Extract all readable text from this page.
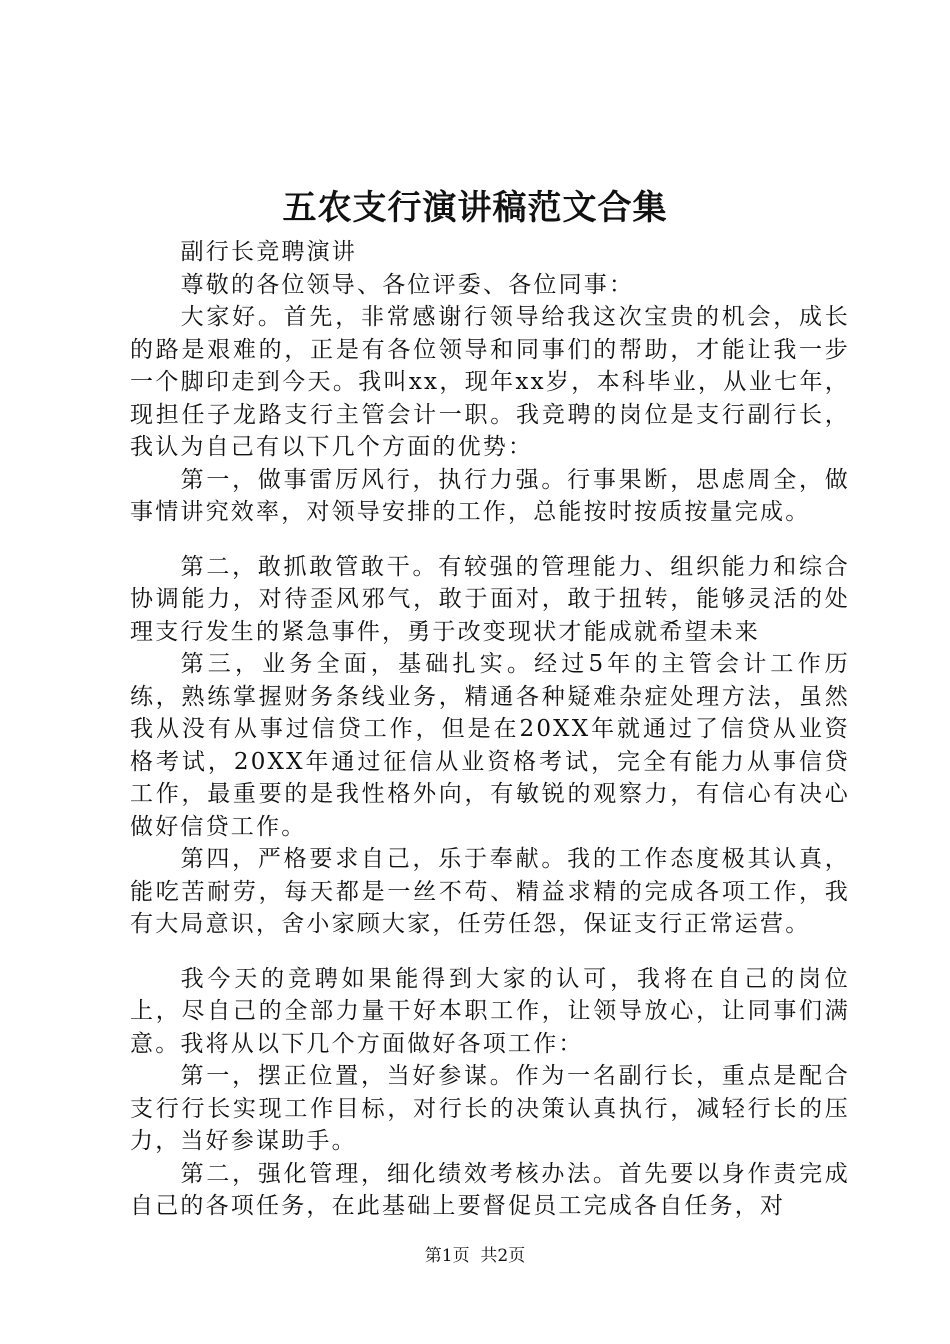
五农支行演讲稿范文合集

副行长竞聘演讲

尊敬的各位领导、各位评委、各位同事：

大家好。首先，非常感谢行领导给我这次宝贵的机会，成长的路是艰难的，正是有各位领导和同事们的帮助，才能让我一步一个脚印走到今天。我叫xx，现年xx岁，本科毕业，从业七年，现担任子龙路支行主管会计一职。我竞聘的岗位是支行副行长，我认为自己有以下几个方面的优势：

第一，做事雷厉风行，执行力强。行事果断，思虑周全，做事情讲究效率，对领导安排的工作，总能按时按质按量完成。

第二，敢抓敢管敢干。有较强的管理能力、组织能力和综合协调能力，对待歪风邪气，敢于面对，敢于扭转，能够灵活的处理支行发生的紧急事件，勇于改变现状才能成就希望未来

第三，业务全面，基础扎实。经过5年的主管会计工作历练，熟练掌握财务条线业务，精通各种疑难杂症处理方法，虽然我从没有从事过信贷工作，但是在20XX年就通过了信贷从业资格考试，20XX年通过征信从业资格考试，完全有能力从事信贷工作，最重要的是我性格外向，有敏锐的观察力，有信心有决心做好信贷工作。

第四，严格要求自己，乐于奉献。我的工作态度极其认真，能吃苦耐劳，每天都是一丝不苟、精益求精的完成各项工作，我有大局意识，舍小家顾大家，任劳任怨，保证支行正常运营。

我今天的竞聘如果能得到大家的认可，我将在自己的岗位上，尽自己的全部力量干好本职工作，让领导放心，让同事们满意。我将从以下几个方面做好各项工作：

第一，摆正位置，当好参谋。作为一名副行长，重点是配合支行行长实现工作目标，对行长的决策认真执行，减轻行长的压力，当好参谋助手。

第二，强化管理，细化绩效考核办法。首先要以身作责完成自己的各项任务，在此基础上要督促员工完成各自任务，对

第1页 共2页
